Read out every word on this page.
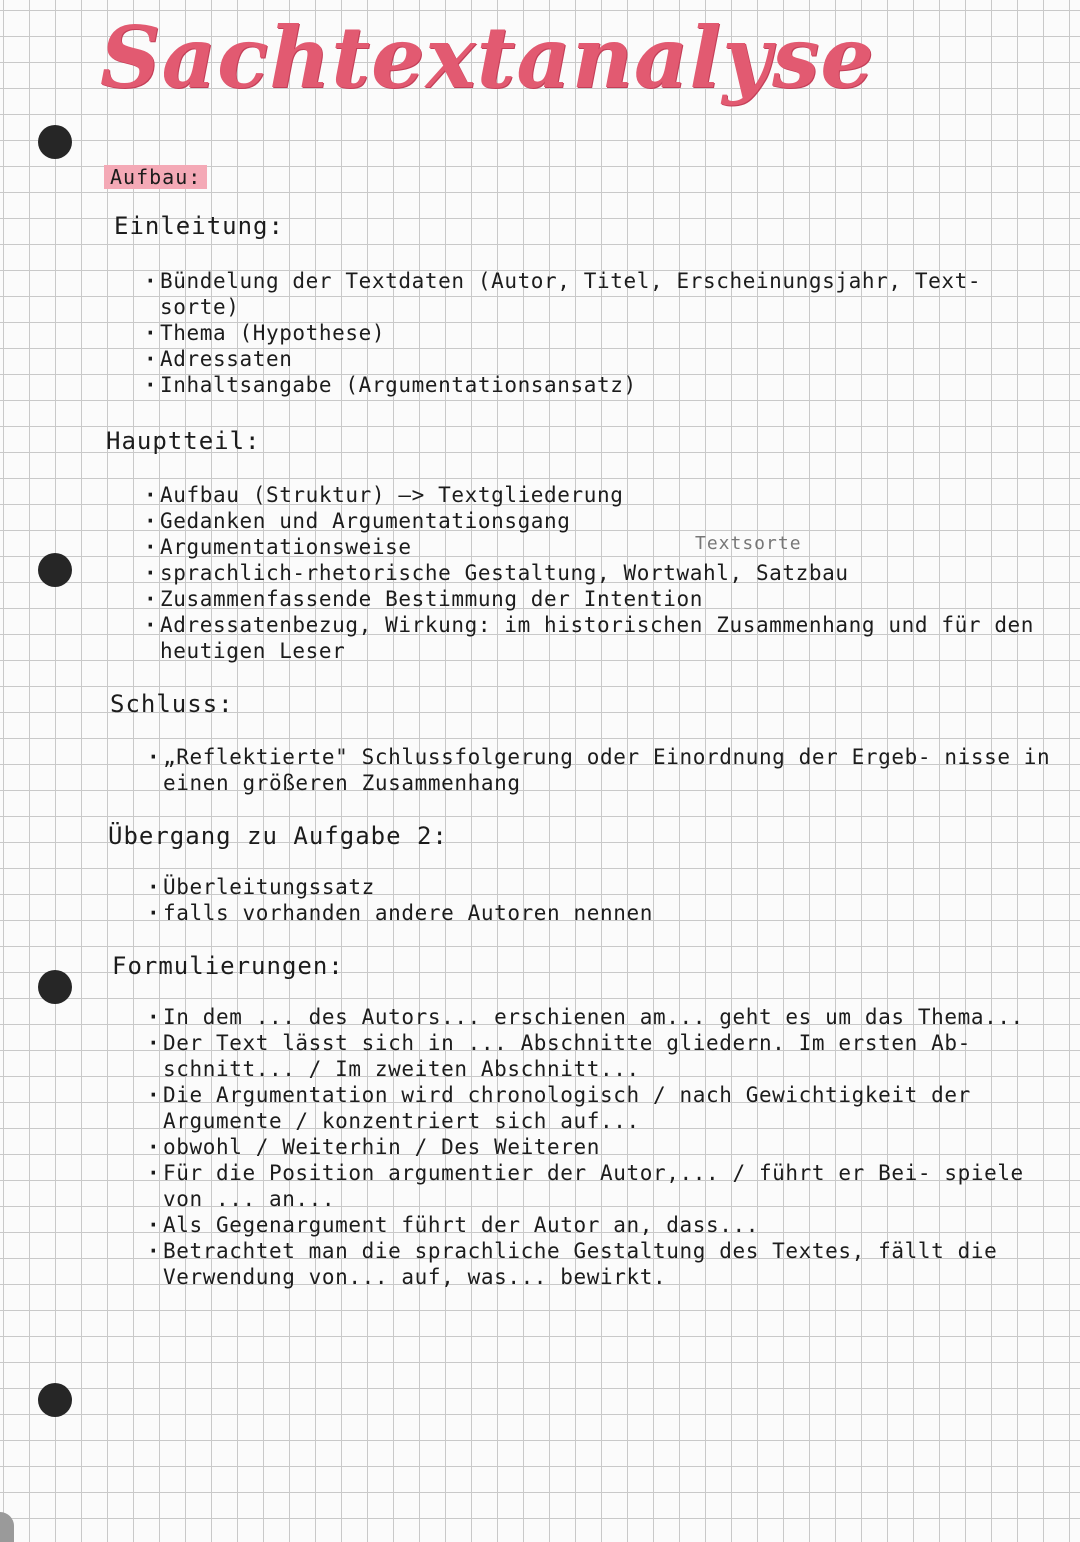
Sachtextanalyse
Aufbau:
Einleitung:
· Bündelung der Textdaten (Autor, Titel, Erscheinungsjahr, Text- sorte)
· Thema (Hypothese)
· Adressaten
· Inhaltsangabe (Argumentationsansatz)
Hauptteil:
· Aufbau (Struktur) —> Textgliederung
· Gedanken und Argumentationsgang
· Argumentationsweise
· sprachlich-rhetorische Gestaltung, Wortwahl, Satzbau
· Zusammenfassende Bestimmung der Intention
· Adressatenbezug, Wirkung: im historischen Zusammenhang und für den heutigen Leser
Textsorte
Schluss:
· „Reflektierte" Schlussfolgerung oder Einordnung der Ergeb- nisse in einen größeren Zusammenhang
Übergang zu Aufgabe 2:
· Überleitungssatz
· falls vorhanden andere Autoren nennen
Formulierungen:
· In dem ... des Autors... erschienen am... geht es um das Thema...
· Der Text lässt sich in ... Abschnitte gliedern. Im ersten Ab- schnitt... / Im zweiten Abschnitt...
· Die Argumentation wird chronologisch / nach Gewichtigkeit der Argumente / konzentriert sich auf...
· obwohl / Weiterhin / Des Weiteren
· Für die Position argumentier der Autor,... / führt er Bei- spiele von ... an...
· Als Gegenargument führt der Autor an, dass...
· Betrachtet man die sprachliche Gestaltung des Textes, fällt die Verwendung von... auf, was... bewirkt.
